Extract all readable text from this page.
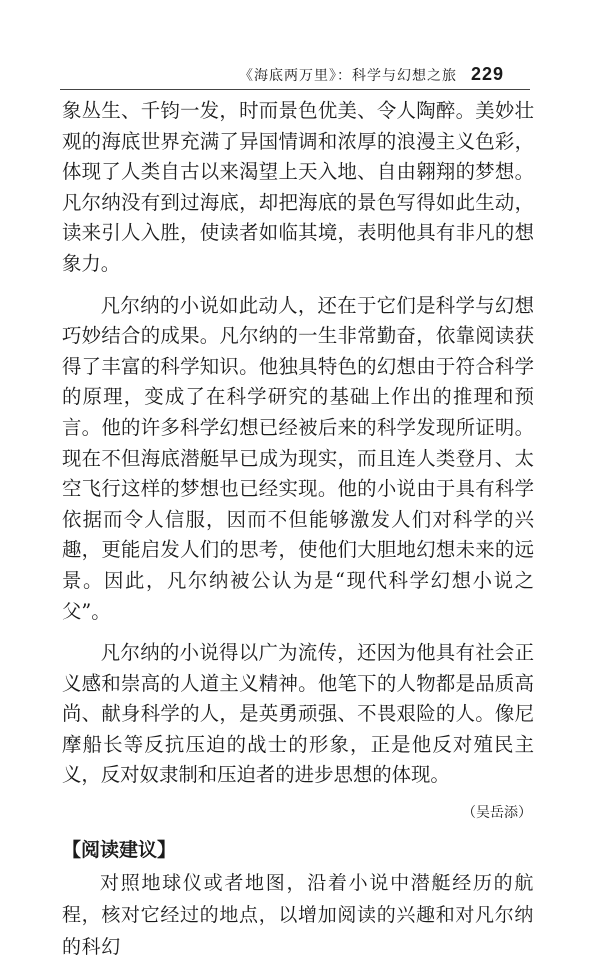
《海底两万里》：科学与幻想之旅 229

象丛生、千钧一发，时而景色优美、令人陶醉。美妙壮观的海底世界充满了异国情调和浓厚的浪漫主义色彩，体现了人类自古以来渴望上天入地、自由翱翔的梦想。凡尔纳没有到过海底，却把海底的景色写得如此生动，读来引人入胜，使读者如临其境，表明他具有非凡的想象力。

凡尔纳的小说如此动人，还在于它们是科学与幻想巧妙结合的成果。凡尔纳的一生非常勤奋，依靠阅读获得了丰富的科学知识。他独具特色的幻想由于符合科学的原理，变成了在科学研究的基础上作出的推理和预言。他的许多科学幻想已经被后来的科学发现所证明。现在不但海底潜艇早已成为现实，而且连人类登月、太空飞行这样的梦想也已经实现。他的小说由于具有科学依据而令人信服，因而不但能够激发人们对科学的兴趣，更能启发人们的思考，使他们大胆地幻想未来的远景。因此，凡尔纳被公认为是“现代科学幻想小说之父”。

凡尔纳的小说得以广为流传，还因为他具有社会正义感和崇高的人道主义精神。他笔下的人物都是品质高尚、献身科学的人，是英勇顽强、不畏艰险的人。像尼摩船长等反抗压迫的战士的形象，正是他反对殖民主义，反对奴隶制和压迫者的进步思想的体现。

（吴岳添）
【阅读建议】

对照地球仪或者地图，沿着小说中潜艇经历的航程，核对它经过的地点，以增加阅读的兴趣和对凡尔纳的科幻
